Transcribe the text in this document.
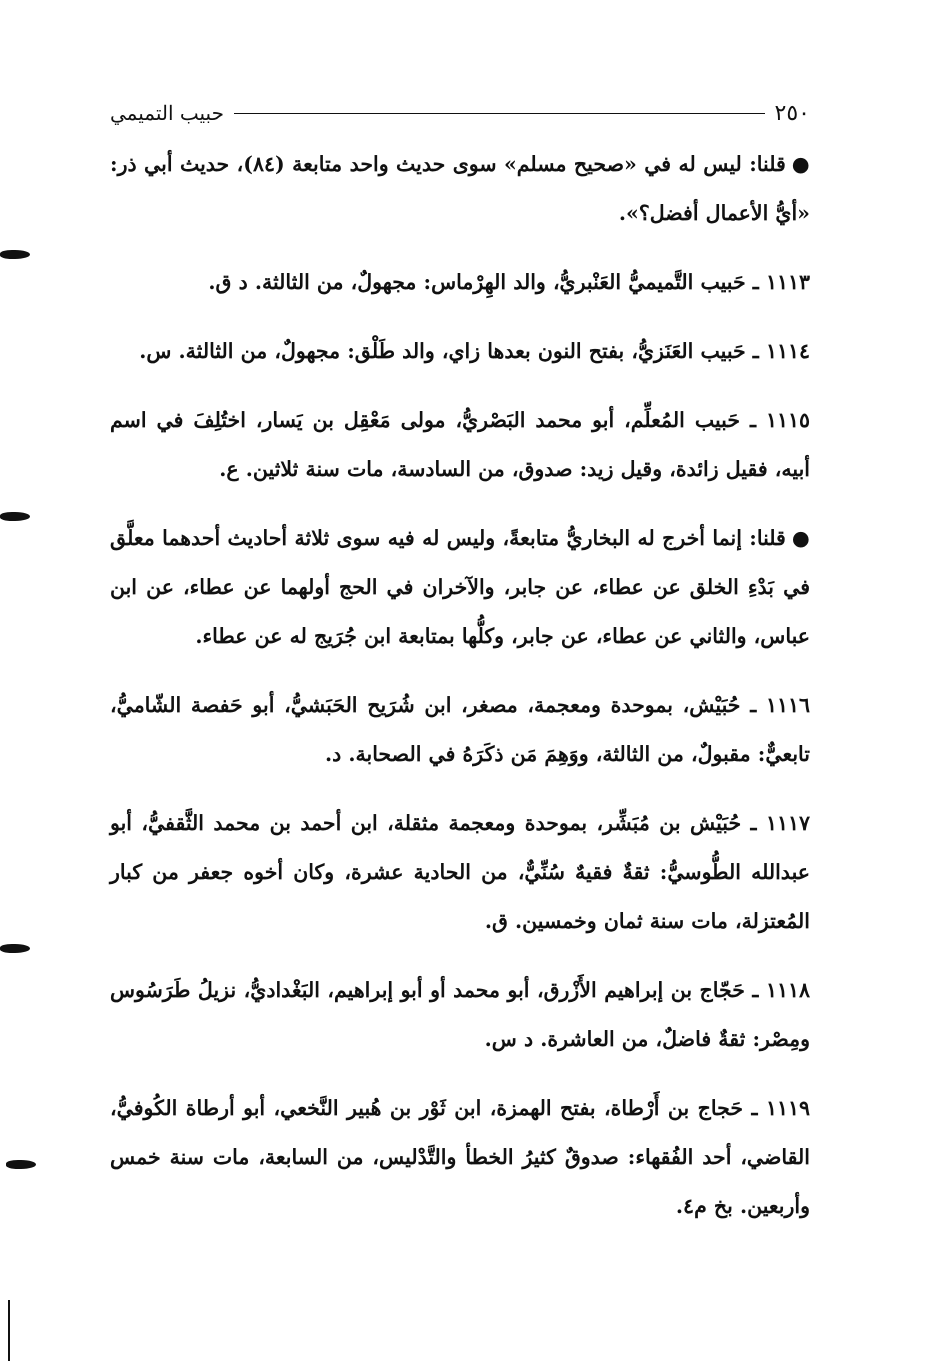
٢٥٠
حبيب التميمي

●قلنا: ليس له في «صحيح مسلم» سوى حديث واحد متابعة (٨٤)، حديث أبي ذر: «أيُّ الأعمال أفضل؟».

١١١٣ ـ حَبيب التَّميميُّ العَنْبريُّ، والد الهِرْماس: مجهولٌ، من الثالثة. د ق.

١١١٤ ـ حَبيب العَنَزيُّ، بفتح النون بعدها زاي، والد طَلْق: مجهولٌ، من الثالثة. س.

١١١٥ ـ حَبيب المُعلِّم، أبو محمد البَصْريُّ، مولى مَعْقِل بن يَسار، اختُلِفَ في اسم أبيه، فقيل زائدة، وقيل زيد: صدوق، من السادسة، مات سنة ثلاثين. ع.

●قلنا: إنما أخرج له البخاريُّ متابعةً، وليس له فيه سوى ثلاثة أحاديث أحدهما معلَّق في بَدْءِ الخلق عن عطاء، عن جابر، والآخران في الحج أولهما عن عطاء، عن ابن عباس، والثاني عن عطاء، عن جابر، وكلُّها بمتابعة ابن جُرَيج له عن عطاء.

١١١٦ ـ حُبَيْش، بموحدة ومعجمة، مصغر، ابن شُرَيح الحَبَشيُّ، أبو حَفصة الشّاميُّ، تابعيٌّ: مقبولٌ، من الثالثة، ووَهِمَ مَن ذكَرَهُ في الصحابة. د.

١١١٧ ـ حُبَيْش بن مُبَشِّر، بموحدة ومعجمة مثقلة، ابن أحمد بن محمد الثَّقفيُّ، أبو عبدالله الطُّوسيُّ: ثقةٌ فقيهٌ سُنِّيٌّ، من الحادية عشرة، وكان أخوه جعفر من كبار المُعتزلة، مات سنة ثمان وخمسين. ق.

١١١٨ ـ حَجّاج بن إبراهيم الأَزْرق، أبو محمد أو أبو إبراهيم، البَغْداديُّ، نزيلُ طَرَسُوس ومِصْر: ثقةٌ فاضلٌ، من العاشرة. د س.

١١١٩ ـ حَجاج بن أَرْطاة، بفتح الهمزة، ابن ثَوْر بن هُبير النَّخعي، أبو أرطاة الكُوفيُّ، القاضي، أحد الفُقهاء: صدوقٌ كثيرُ الخطأ والتَّدْليس، من السابعة، مات سنة خمس وأربعين. بخ م٤.
